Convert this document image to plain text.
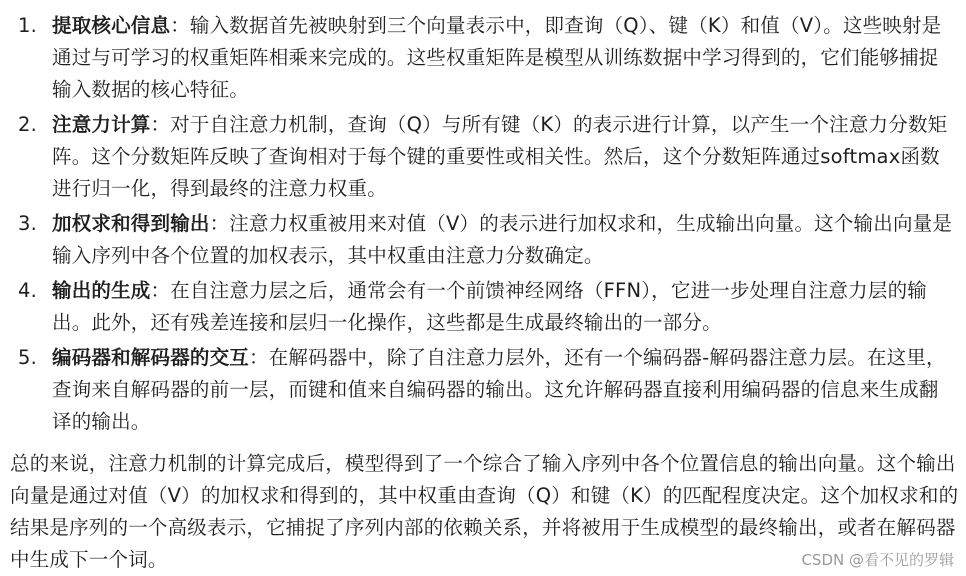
1. 提取核心信息：输入数据首先被映射到三个向量表示中，即查询（Q）、键（K）和值（V）。这些映射是通过与可学习的权重矩阵相乘来完成的。这些权重矩阵是模型从训练数据中学习得到的，它们能够捕捉输入数据的核心特征。
2. 注意力计算：对于自注意力机制，查询（Q）与所有键（K）的表示进行计算，以产生一个注意力分数矩阵。这个分数矩阵反映了查询相对于每个键的重要性或相关性。然后，这个分数矩阵通过softmax函数进行归一化，得到最终的注意力权重。
3. 加权求和得到输出：注意力权重被用来对值（V）的表示进行加权求和，生成输出向量。这个输出向量是输入序列中各个位置的加权表示，其中权重由注意力分数确定。
4. 输出的生成：在自注意力层之后，通常会有一个前馈神经网络（FFN），它进一步处理自注意力层的输出。此外，还有残差连接和层归一化操作，这些都是生成最终输出的一部分。
5. 编码器和解码器的交互：在解码器中，除了自注意力层外，还有一个编码器-解码器注意力层。在这里，查询来自解码器的前一层，而键和值来自编码器的输出。这允许解码器直接利用编码器的信息来生成翻译的输出。

总的来说，注意力机制的计算完成后，模型得到了一个综合了输入序列中各个位置信息的输出向量。这个输出向量是通过对值（V）的加权求和得到的，其中权重由查询（Q）和键（K）的匹配程度决定。这个加权求和的结果是序列的一个高级表示，它捕捉了序列内部的依赖关系，并将被用于生成模型的最终输出，或者在解码器中生成下一个词。	CSDN @看不见的罗辑
